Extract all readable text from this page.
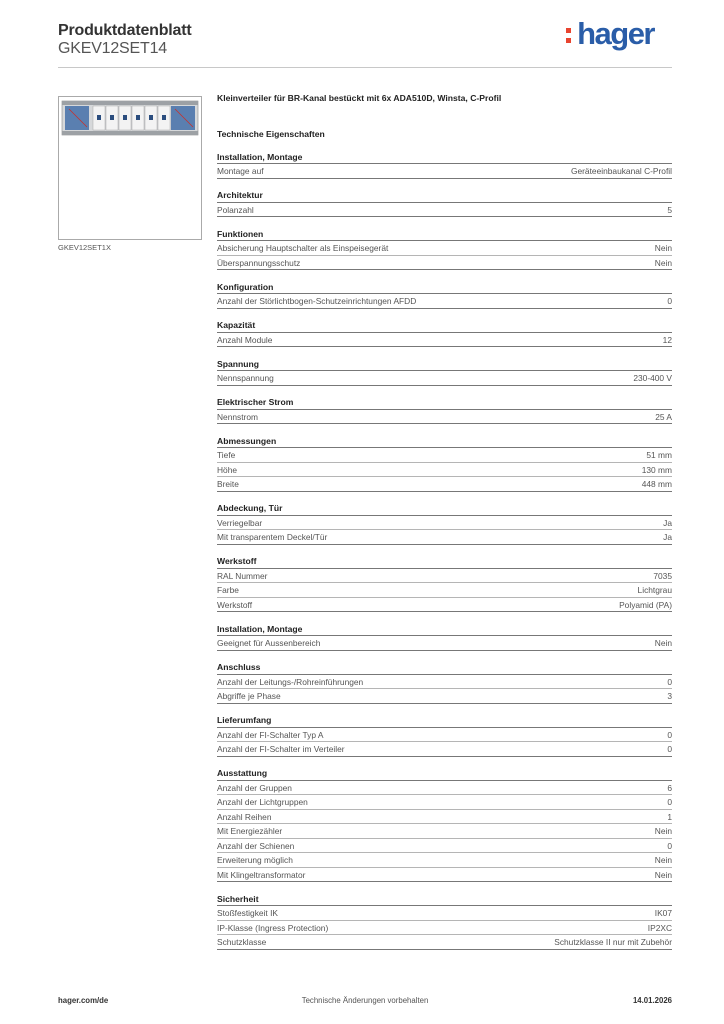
Produktdatenblatt
GKEV12SET14	hager
GKEV12SET1X
Kleinverteiler für BR-Kanal bestückt mit 6x ADA510D, Winsta, C-Profil
Technische Eigenschaften
Installation, Montage
Montage auf	Geräteeinbaukanal C-Profil
Architektur
Polanzahl	5
Funktionen
Absicherung Hauptschalter als Einspeisegerät	Nein
Überspannungsschutz	Nein
Konfiguration
Anzahl der Störlichtbogen-Schutzeinrichtungen AFDD	0
Kapazität
Anzahl Module	12
Spannung
Nennspannung	230-400 V
Elektrischer Strom
Nennstrom	25 A
Abmessungen
Tiefe	51 mm
Höhe	130 mm
Breite	448 mm
Abdeckung, Tür
Verriegelbar	Ja
Mit transparentem Deckel/Tür	Ja
Werkstoff
RAL Nummer	7035
Farbe	Lichtgrau
Werkstoff	Polyamid (PA)
Installation, Montage
Geeignet für Aussenbereich	Nein
Anschluss
Anzahl der Leitungs-/Rohreinführungen	0
Abgriffe je Phase	3
Lieferumfang
Anzahl der FI-Schalter Typ A	0
Anzahl der FI-Schalter im Verteiler	0
Ausstattung
Anzahl der Gruppen	6
Anzahl der Lichtgruppen	0
Anzahl Reihen	1
Mit Energiezähler	Nein
Anzahl der Schienen	0
Erweiterung möglich	Nein
Mit Klingeltransformator	Nein
Sicherheit
Stoßfestigkeit IK	IK07
IP-Klasse (Ingress Protection)	IP2XC
Schutzklasse	Schutzklasse II nur mit Zubehör
hager.com/de	Technische Änderungen vorbehalten	14.01.2026
